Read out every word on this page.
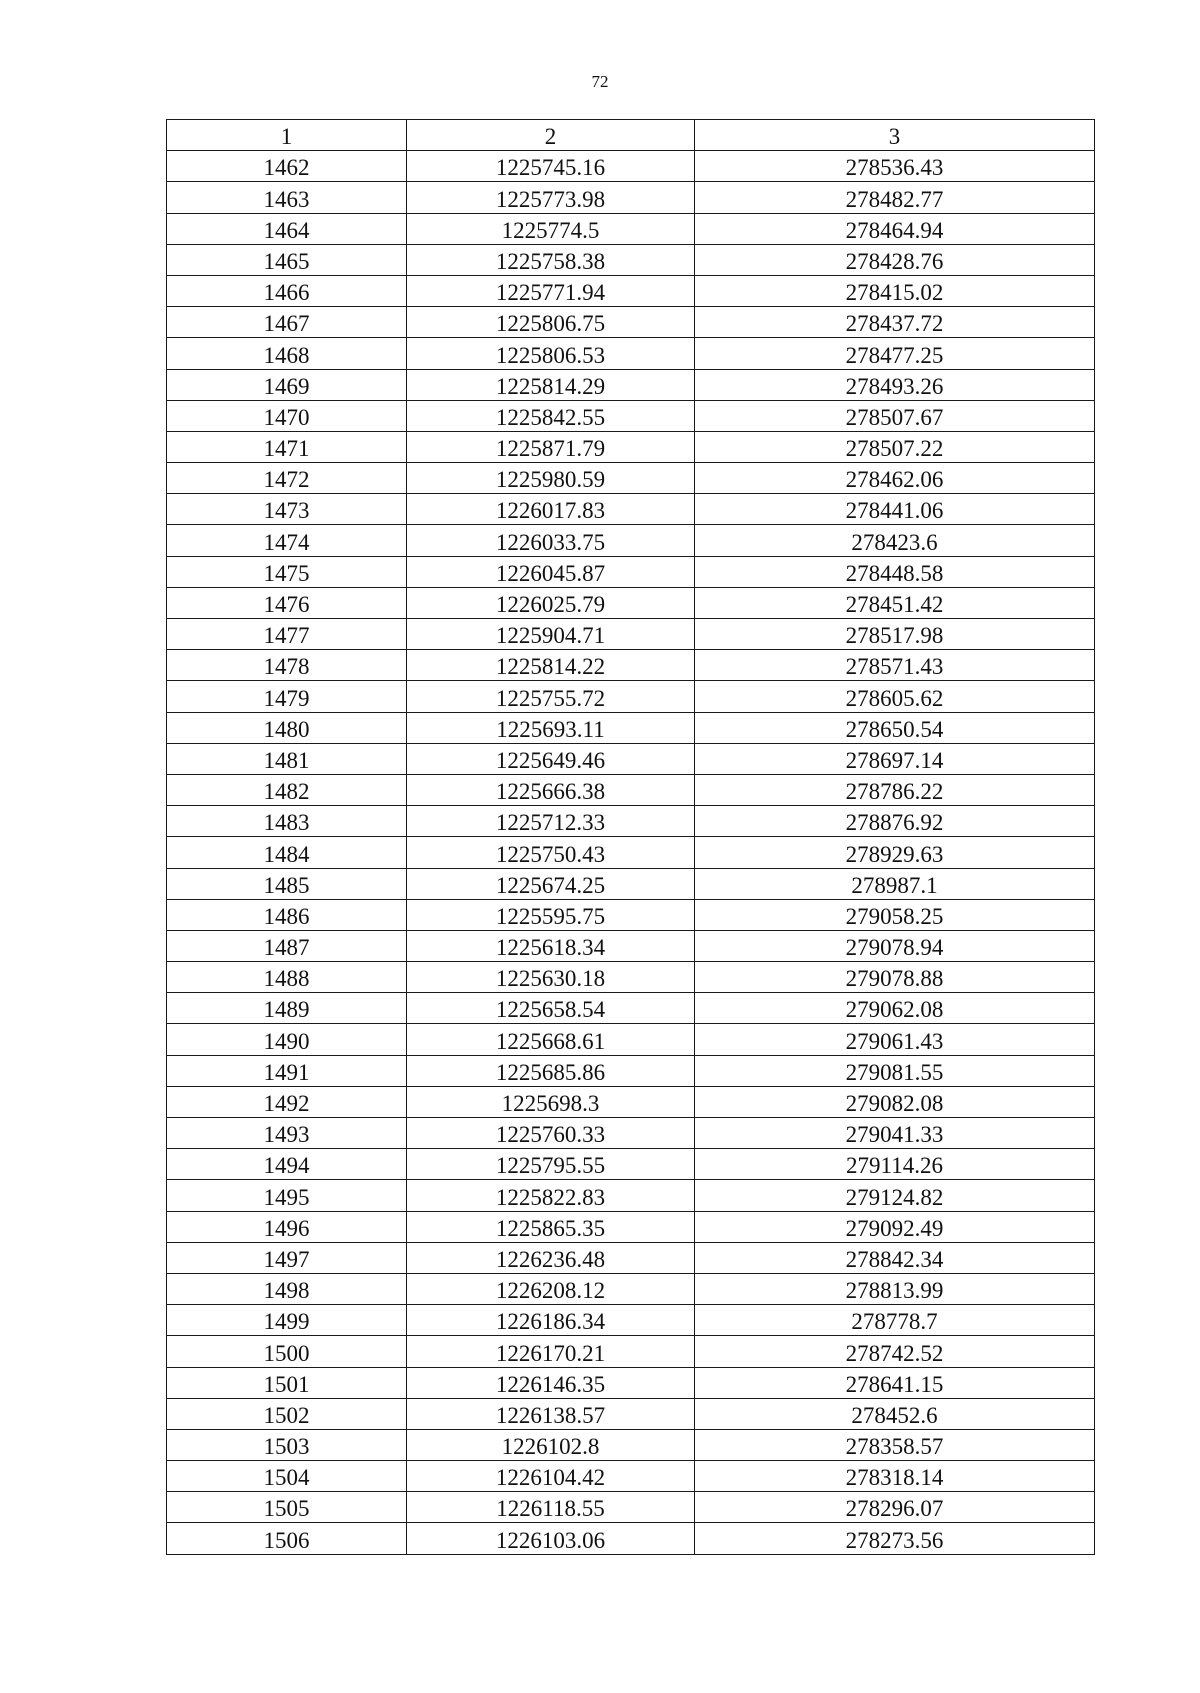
72
1	2	3
1462	1225745.16	278536.43
1463	1225773.98	278482.77
1464	1225774.5	278464.94
1465	1225758.38	278428.76
1466	1225771.94	278415.02
1467	1225806.75	278437.72
1468	1225806.53	278477.25
1469	1225814.29	278493.26
1470	1225842.55	278507.67
1471	1225871.79	278507.22
1472	1225980.59	278462.06
1473	1226017.83	278441.06
1474	1226033.75	278423.6
1475	1226045.87	278448.58
1476	1226025.79	278451.42
1477	1225904.71	278517.98
1478	1225814.22	278571.43
1479	1225755.72	278605.62
1480	1225693.11	278650.54
1481	1225649.46	278697.14
1482	1225666.38	278786.22
1483	1225712.33	278876.92
1484	1225750.43	278929.63
1485	1225674.25	278987.1
1486	1225595.75	279058.25
1487	1225618.34	279078.94
1488	1225630.18	279078.88
1489	1225658.54	279062.08
1490	1225668.61	279061.43
1491	1225685.86	279081.55
1492	1225698.3	279082.08
1493	1225760.33	279041.33
1494	1225795.55	279114.26
1495	1225822.83	279124.82
1496	1225865.35	279092.49
1497	1226236.48	278842.34
1498	1226208.12	278813.99
1499	1226186.34	278778.7
1500	1226170.21	278742.52
1501	1226146.35	278641.15
1502	1226138.57	278452.6
1503	1226102.8	278358.57
1504	1226104.42	278318.14
1505	1226118.55	278296.07
1506	1226103.06	278273.56
